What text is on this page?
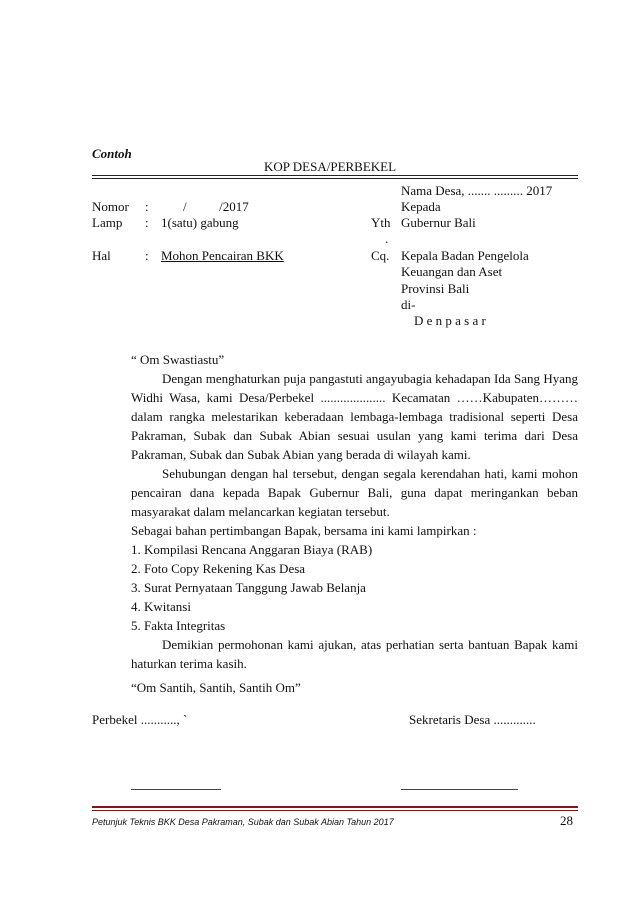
Contoh
KOP DESA/PERBEKEL
Nama Desa, ....... ......... 2017
Nomor :	/          /2017	Kepada
Lamp : 1(satu) gabung	Yth Gubernur Bali
.
Hal	: Mohon Pencairan BKK	Cq. Kepala Badan Pengelola
Keuangan dan Aset
Provinsi Bali
di-
D e n p a s a r

“ Om Swastiastu”

Dengan menghaturkan puja pangastuti angayubagia kehadapan Ida Sang Hyang Widhi Wasa, kami Desa/Perbekel .................... Kecamatan ……Kabupaten……… dalam rangka melestarikan keberadaan lembaga-lembaga tradisional seperti Desa Pakraman, Subak dan Subak Abian sesuai usulan yang kami terima dari Desa Pakraman, Subak dan Subak Abian yang berada di wilayah kami.

Sehubungan dengan hal tersebut, dengan segala kerendahan hati, kami mohon pencairan dana kepada Bapak Gubernur Bali, guna dapat meringankan beban masyarakat dalam melancarkan kegiatan tersebut.

Sebagai bahan pertimbangan Bapak, bersama ini kami lampirkan :

1. Kompilasi Rencana Anggaran Biaya (RAB)

2. Foto Copy Rekening Kas Desa

3. Surat Pernyataan Tanggung Jawab Belanja

4. Kwitansi

5. Fakta Integritas

Demikian permohonan kami ajukan, atas perhatian serta bantuan Bapak kami haturkan terima kasih.

“Om Santih, Santih, Santih Om”
Perbekel ..........., `	Sekretaris Desa .............
Petunjuk Teknis BKK Desa Pakraman, Subak dan Subak Abian Tahun 2017	28
